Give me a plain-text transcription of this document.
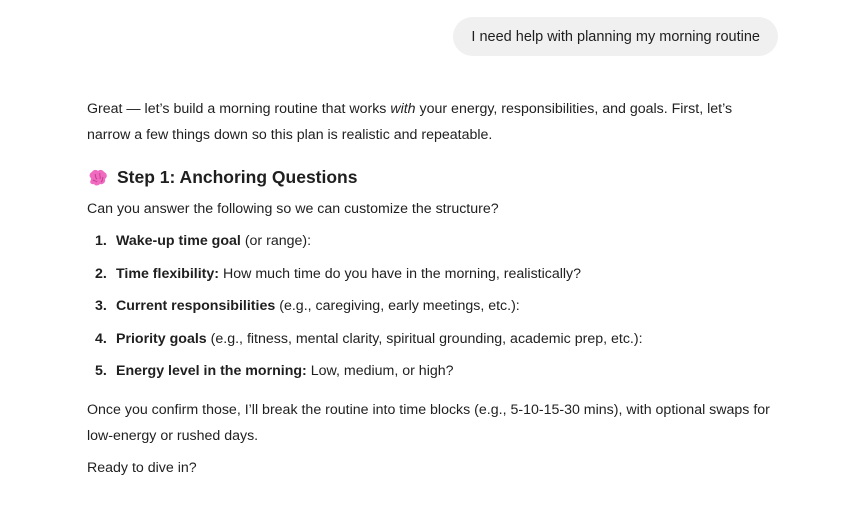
I need help with planning my morning routine

Great — let’s build a morning routine that works with your energy, responsibilities, and goals. First, let’s narrow a few things down so this plan is realistic and repeatable.

Step 1: Anchoring Questions

Can you answer the following so we can customize the structure?

1. Wake-up time goal (or range):
2. Time flexibility: How much time do you have in the morning, realistically?
3. Current responsibilities (e.g., caregiving, early meetings, etc.):
4. Priority goals (e.g., fitness, mental clarity, spiritual grounding, academic prep, etc.):
5. Energy level in the morning: Low, medium, or high?

Once you confirm those, I’ll break the routine into time blocks (e.g., 5-10-15-30 mins), with optional swaps for low-energy or rushed days.

Ready to dive in?
